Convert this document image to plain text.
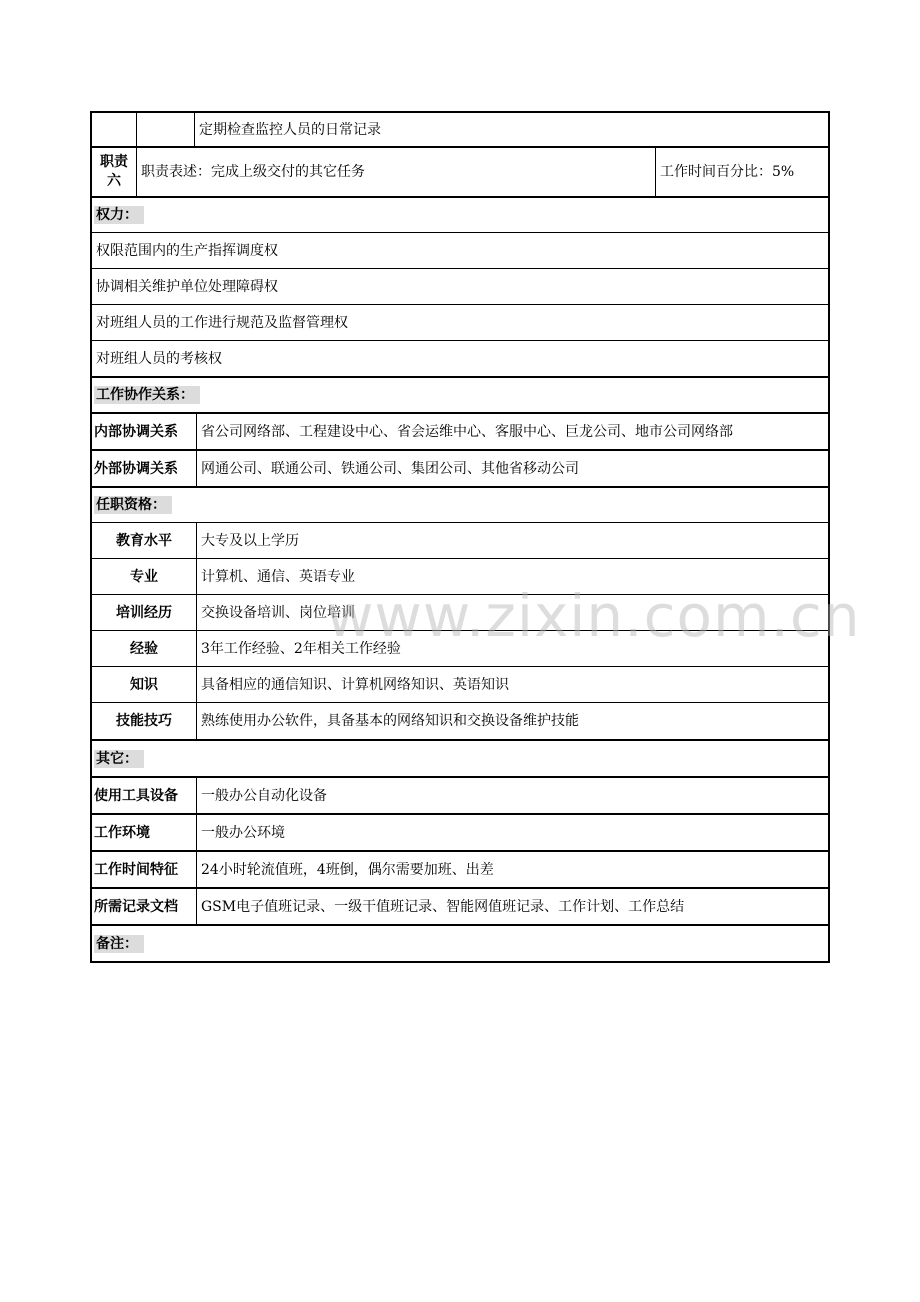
定期检查监控人员的日常记录
职责
六
职责表述：完成上级交付的其它任务	工作时间百分比：5%
权力：
权限范围内的生产指挥调度权
协调相关维护单位处理障碍权
对班组人员的工作进行规范及监督管理权
对班组人员的考核权
工作协作关系：
内部协调关系	省公司网络部、工程建设中心、省会运维中心、客服中心、巨龙公司、地市公司网络部
外部协调关系	网通公司、联通公司、铁通公司、集团公司、其他省移动公司
任职资格：
教育水平	大专及以上学历
专业	计算机、通信、英语专业
培训经历	交换设备培训、岗位培训
经验	3年工作经验、2年相关工作经验
知识	具备相应的通信知识、计算机网络知识、英语知识
技能技巧	熟练使用办公软件，具备基本的网络知识和交换设备维护技能
其它：
使用工具设备	一般办公自动化设备
工作环境	一般办公环境
工作时间特征	24小时轮流值班，4班倒，偶尔需要加班、出差
所需记录文档	GSM电子值班记录、一级干值班记录、智能网值班记录、工作计划、工作总结
备注：
www.zixin.com.cn
